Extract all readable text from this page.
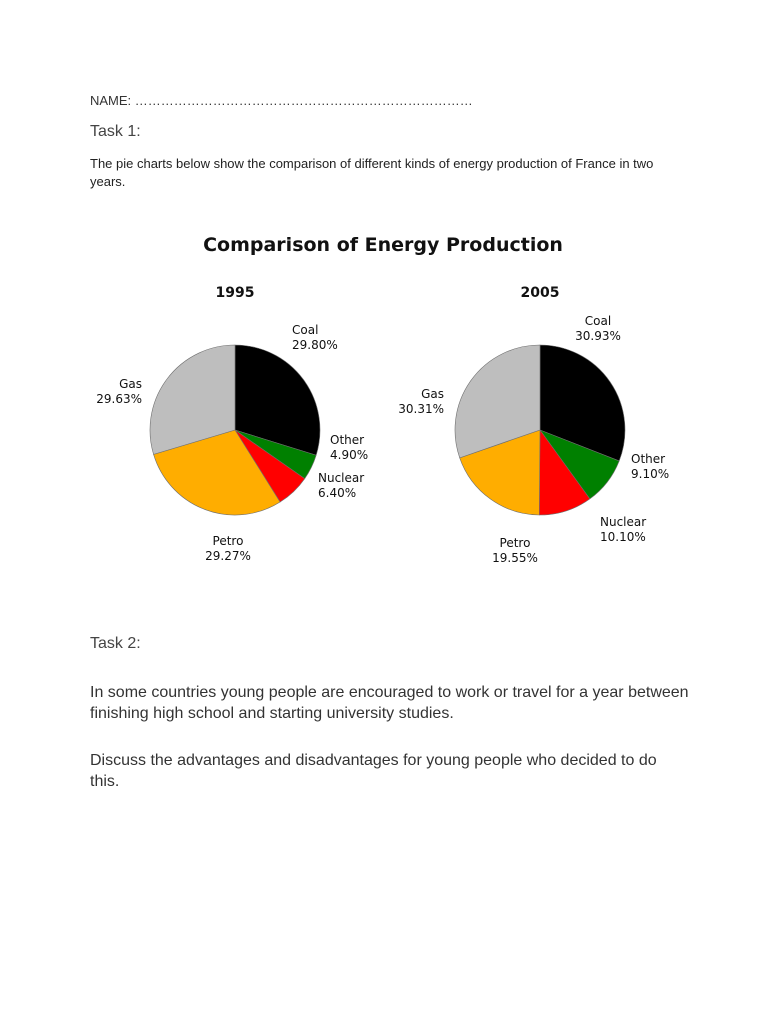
NAME: ……………………………………………………………………
Task 1:
The pie charts below show the comparison of different kinds of energy production of France in two years.
Comparison of Energy Production
1995
Coal 29.80%
Other 4.90%
Nuclear 6.40%
Petro 29.27%
Gas 29.63%
2005
Coal 30.93%
Other 9.10%
Nuclear 10.10%
Petro 19.55%
Gas 30.31%
Task 2:
In some countries young people are encouraged to work or travel for a year between finishing high school and starting university studies.
Discuss the advantages and disadvantages for young people who decided to do this.
